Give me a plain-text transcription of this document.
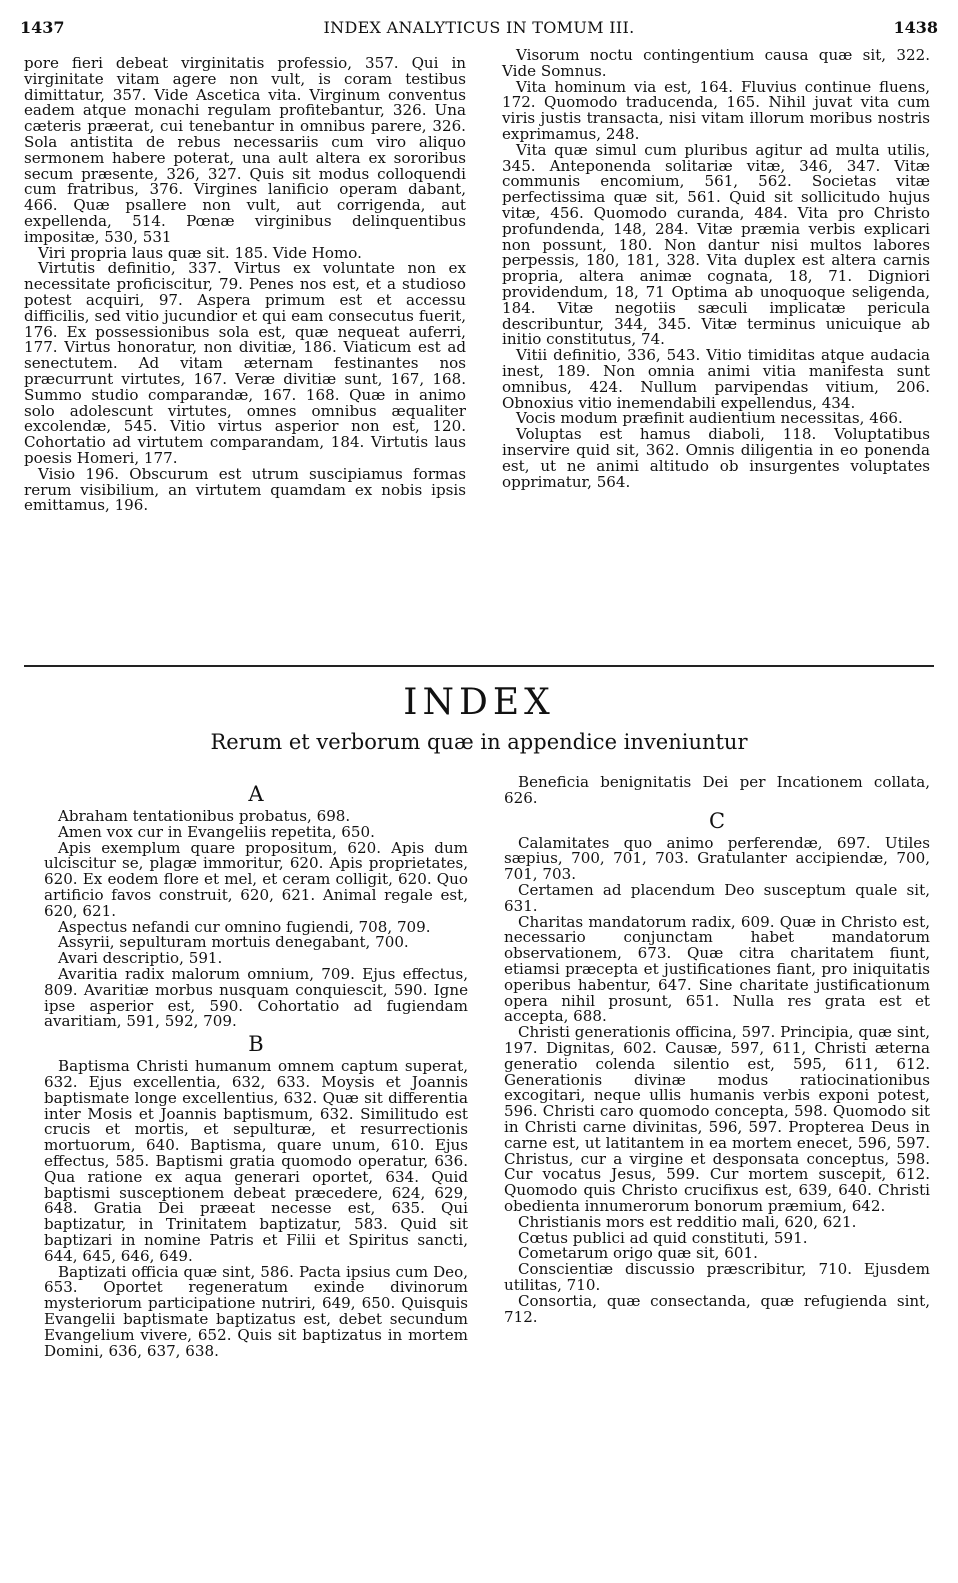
1437	INDEX ANALYTICUS IN TOMUM III.	1438

pore fieri debeat virginitatis professio, 357. Qui in virginitate vitam agere non vult, is coram testibus dimittatur, 357. Vide Ascetica vita. Virginum conventus eadem atque monachi regulam profitebantur, 326. Una cæteris præerat, cui tenebantur in omnibus parere, 326. Sola antistita de rebus necessariis cum viro aliquo sermonem habere poterat, una ault altera ex sororibus secum præsente, 326, 327. Quis sit modus colloquendi cum fratribus, 376. Virgines lanificio operam dabant, 466. Quæ psallere non vult, aut corrigenda, aut expellenda, 514. Pœnæ virginibus delinquentibus impositæ, 530, 531

Viri propria laus quæ sit. 185. Vide Homo.

Virtutis definitio, 337. Virtus ex voluntate non ex necessitate proficiscitur, 79. Penes nos est, et a studioso potest acquiri, 97. Aspera primum est et accessu difficilis, sed vitio jucundior et qui eam consecutus fuerit, 176. Ex possessionibus sola est, quæ nequeat auferri, 177. Virtus honoratur, non divitiæ, 186. Viaticum est ad senectutem. Ad vitam æternam festinantes nos præcurrunt virtutes, 167. Veræ divitiæ sunt, 167, 168. Summo studio comparandæ, 167. 168. Quæ in animo solo adolescunt virtutes, omnes omnibus æqualiter excolendæ, 545. Vitio virtus asperior non est, 120. Cohortatio ad virtutem comparandam, 184. Virtutis laus poesis Homeri, 177.

Visio 196. Obscurum est utrum suscipiamus formas rerum visibilium, an virtutem quamdam ex nobis ipsis emittamus, 196.

Visorum noctu contingentium causa quæ sit, 322. Vide Somnus.

Vita hominum via est, 164. Fluvius continue fluens, 172. Quomodo traducenda, 165. Nihil juvat vita cum viris justis transacta, nisi vitam illorum moribus nostris exprimamus, 248.

Vita quæ simul cum pluribus agitur ad multa utilis, 345. Anteponenda solitariæ vitæ, 346, 347. Vitæ communis encomium, 561, 562. Societas vitæ perfectissima quæ sit, 561. Quid sit sollicitudo hujus vitæ, 456. Quomodo curanda, 484. Vita pro Christo profundenda, 148, 284. Vitæ præmia verbis explicari non possunt, 180. Non dantur nisi multos labores perpessis, 180, 181, 328. Vita duplex est altera carnis propria, altera animæ cognata, 18, 71. Digniori providendum, 18, 71 Optima ab unoquoque seligenda, 184. Vitæ negotiis sæculi implicatæ pericula describuntur, 344, 345. Vitæ terminus unicuique ab initio constitutus, 74.

Vitii definitio, 336, 543. Vitio timiditas atque audacia inest, 189. Non omnia animi vitia manifesta sunt omnibus, 424. Nullum parvipendas vitium, 206. Obnoxius vitio inemendabili expellendus, 434.

Vocis modum præfinit audientium necessitas, 466.

Voluptas est hamus diaboli, 118. Voluptatibus inservire quid sit, 362. Omnis diligentia in eo ponenda est, ut ne animi altitudo ob insurgentes voluptates opprimatur, 564.

INDEX
Rerum et verborum quæ in appendice inveniuntur

A

Abraham tentationibus probatus, 698.

Amen vox cur in Evangeliis repetita, 650.

Apis exemplum quare propositum, 620. Apis dum ulciscitur se, plagæ immoritur, 620. Apis proprietates, 620. Ex eodem flore et mel, et ceram colligit, 620. Quo artificio favos construit, 620, 621. Animal regale est, 620, 621.

Aspectus nefandi cur omnino fugiendi, 708, 709.

Assyrii, sepulturam mortuis denegabant, 700.

Avari descriptio, 591.

Avaritia radix malorum omnium, 709. Ejus effectus, 809. Avaritiæ morbus nusquam conquiescit, 590. Igne ipse asperior est, 590. Cohortatio ad fugiendam avaritiam, 591, 592, 709.

B

Baptisma Christi humanum omnem captum superat, 632. Ejus excellentia, 632, 633. Moysis et Joannis baptismate longe excellentius, 632. Quæ sit differentia inter Mosis et Joannis baptismum, 632. Similitudo est crucis et mortis, et sepulturæ, et resurrectionis mortuorum, 640. Baptisma, quare unum, 610. Ejus effectus, 585. Baptismi gratia quomodo operatur, 636. Qua ratione ex aqua generari oportet, 634. Quid baptismi susceptionem debeat præcedere, 624, 629, 648. Gratia Dei præeat necesse est, 635. Qui baptizatur, in Trinitatem baptizatur, 583. Quid sit baptizari in nomine Patris et Filii et Spiritus sancti, 644, 645, 646, 649.

Baptizati officia quæ sint, 586. Pacta ipsius cum Deo, 653. Oportet regeneratum exinde divinorum mysteriorum participatione nutriri, 649, 650. Quisquis Evangelii baptismate baptizatus est, debet secundum Evangelium vivere, 652. Quis sit baptizatus in mortem Domini, 636, 637, 638.

Beneficia benignitatis Dei per Incationem collata, 626.

C

Calamitates quo animo perferendæ, 697. Utiles sæpius, 700, 701, 703. Gratulanter accipiendæ, 700, 701, 703.

Certamen ad placendum Deo susceptum quale sit, 631.

Charitas mandatorum radix, 609. Quæ in Christo est, necessario conjunctam habet mandatorum observationem, 673. Quæ citra charitatem fiunt, etiamsi præcepta et justificationes fiant, pro iniquitatis operibus habentur, 647. Sine charitate justificationum opera nihil prosunt, 651. Nulla res grata est et accepta, 688.

Christi generationis officina, 597. Principia, quæ sint, 197. Dignitas, 602. Causæ, 597, 611, Christi æterna generatio colenda silentio est, 595, 611, 612. Generationis divinæ modus ratiocinationibus excogitari, neque ullis humanis verbis exponi potest, 596. Christi caro quomodo concepta, 598. Quomodo sit in Christi carne divinitas, 596, 597. Propterea Deus in carne est, ut latitantem in ea mortem enecet, 596, 597. Christus, cur a virgine et desponsata conceptus, 598. Cur vocatus Jesus, 599. Cur mortem suscepit, 612. Quomodo quis Christo crucifixus est, 639, 640. Christi obedienta innumerorum bonorum præmium, 642.

Christianis mors est redditio mali, 620, 621.

Cœtus publici ad quid constituti, 591.

Cometarum origo quæ sit, 601.

Conscientiæ discussio præscribitur, 710. Ejusdem utilitas, 710.

Consortia, quæ consectanda, quæ refugienda sint, 712.
